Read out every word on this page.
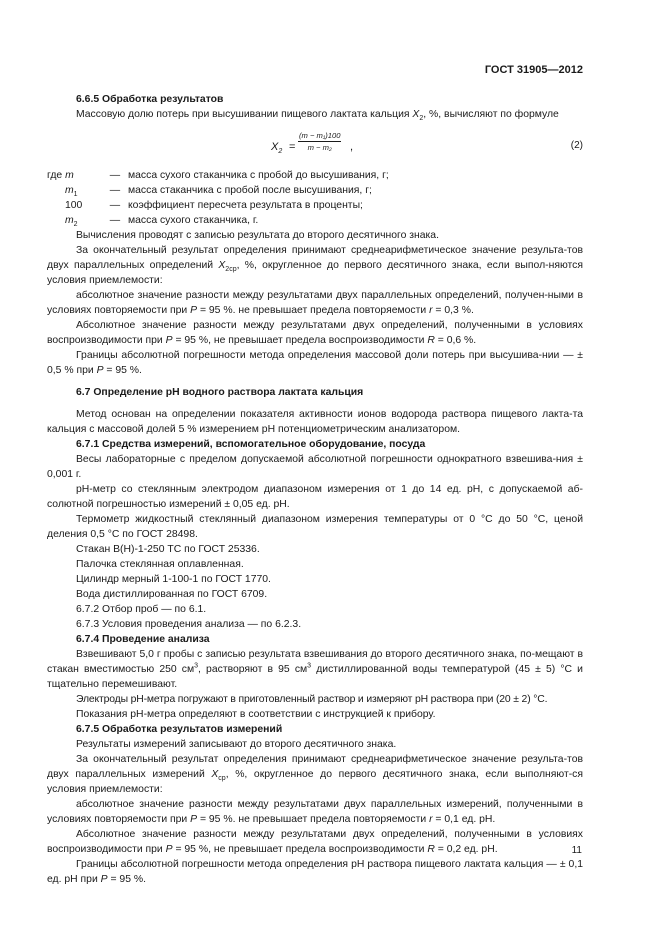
ГОСТ 31905—2012

6.6.5 Обработка результатов

Массовую долю потерь при высушивании пищевого лактата кальция $X_2$, %, вычисляют по формуле

$X_2 = \frac{\text{(m − m₁)100}}{\text{m − m₂}}$ ,	(2)
где m	— масса сухого стаканчика с пробой до высушивания, г;
$m_1$	— масса стаканчика с пробой после высушивания, г;
100	— коэффициент пересчета результата в проценты;
$m_2$	— масса сухого стаканчика, г.

Вычисления проводят с записью результата до второго десятичного знака.

За окончательный результат определения принимают среднеарифметическое значение результа-тов двух параллельных определений $X_{2ср}$, %, округленное до первого десятичного знака, если выпол-няются условия приемлемости:

абсолютное значение разности между результатами двух параллельных определений, получен-ными в условиях повторяемости при P = 95 %. не превышает предела повторяемости r = 0,3 %.

Абсолютное значение разности между результатами двух определений, полученными в условиях воспроизводимости при P = 95 %, не превышает предела воспроизводимости R = 0,6 %.

Границы абсолютной погрешности метода определения массовой доли потерь при высушива-нии — ± 0,5 % при P = 95 %.

6.7 Определение pH водного раствора лактата кальция

Метод основан на определении показателя активности ионов водорода раствора пищевого лакта-та кальция с массовой долей 5 % измерением pH потенциометрическим анализатором.

6.7.1 Средства измерений, вспомогательное оборудование, посуда

Весы лабораторные с пределом допускаемой абсолютной погрешности однократного взвешива-ния ± 0,001 г.

pH-метр со стеклянным электродом диапазоном измерения от 1 до 14 ед. pH, с допускаемой аб-солютной погрешностью измерений ± 0,05 ед. pH.

Термометр жидкостный стеклянный диапазоном измерения температуры от 0 °С до 50 °С, ценой деления 0,5 °С по ГОСТ 28498.

Стакан В(Н)-1-250 ТС по ГОСТ 25336.

Палочка стеклянная оплавленная.

Цилиндр мерный 1-100-1 по ГОСТ 1770.

Вода дистиллированная по ГОСТ 6709.

6.7.2 Отбор проб — по 6.1.

6.7.3 Условия проведения анализа — по 6.2.3.

6.7.4 Проведение анализа

Взвешивают 5,0 г пробы с записью результата взвешивания до второго десятичного знака, по-мещают в стакан вместимостью 250 $см^3$, растворяют в 95 $см^3$ дистиллированной воды температурой (45 ± 5) °С и тщательно перемешивают.

Электроды pH-метра погружают в приготовленный раствор и измеряют pH раствора при (20 ± 2) °С.

Показания pH-метра определяют в соответствии с инструкцией к прибору.

6.7.5 Обработка результатов измерений

Результаты измерений записывают до второго десятичного знака.

За окончательный результат определения принимают среднеарифметическое значение результа-тов двух параллельных измерений $X_{ср}$, %, округленное до первого десятичного знака, если выполняют-ся условия приемлемости:

абсолютное значение разности между результатами двух параллельных измерений, полученными в условиях повторяемости при P = 95 %. не превышает предела повторяемости r = 0,1 ед. pH.

Абсолютное значение разности между результатами двух определений, полученными в условиях воспроизводимости при P = 95 %, не превышает предела воспроизводимости R = 0,2 ед. pH.

Границы абсолютной погрешности метода определения pH раствора пищевого лактата кальция — ± 0,1 ед. pH при P = 95 %.

11
